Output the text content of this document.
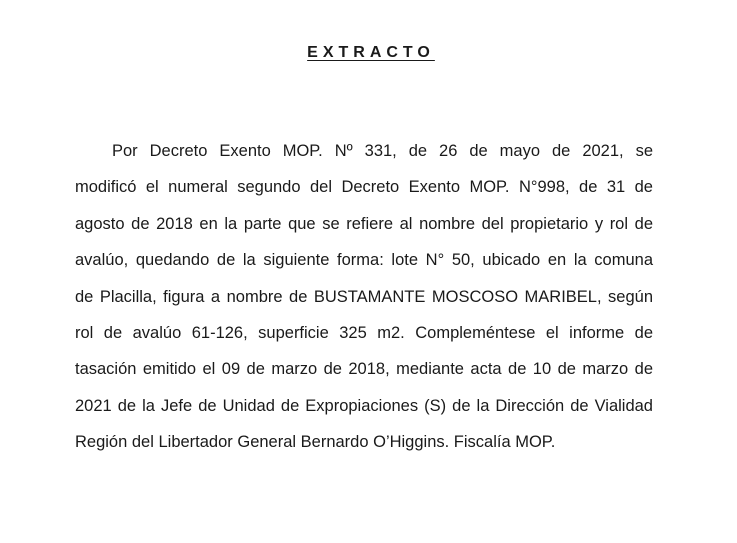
EXTRACTO
Por Decreto Exento MOP. Nº 331, de 26 de mayo de 2021, se
modificó el numeral segundo del Decreto Exento MOP. N°998, de 31 de
agosto de 2018 en la parte que se refiere al nombre del propietario y rol de
avalúo, quedando de la siguiente forma: lote N° 50, ubicado en la comuna
de Placilla, figura a nombre de BUSTAMANTE MOSCOSO MARIBEL, según
rol de avalúo 61-126, superficie 325 m2. Compleméntese el informe de
tasación emitido el 09 de marzo de 2018, mediante acta de 10 de marzo de
2021 de la Jefe de Unidad de Expropiaciones (S) de la Dirección de Vialidad
Región del Libertador General Bernardo O’Higgins. Fiscalía MOP.
